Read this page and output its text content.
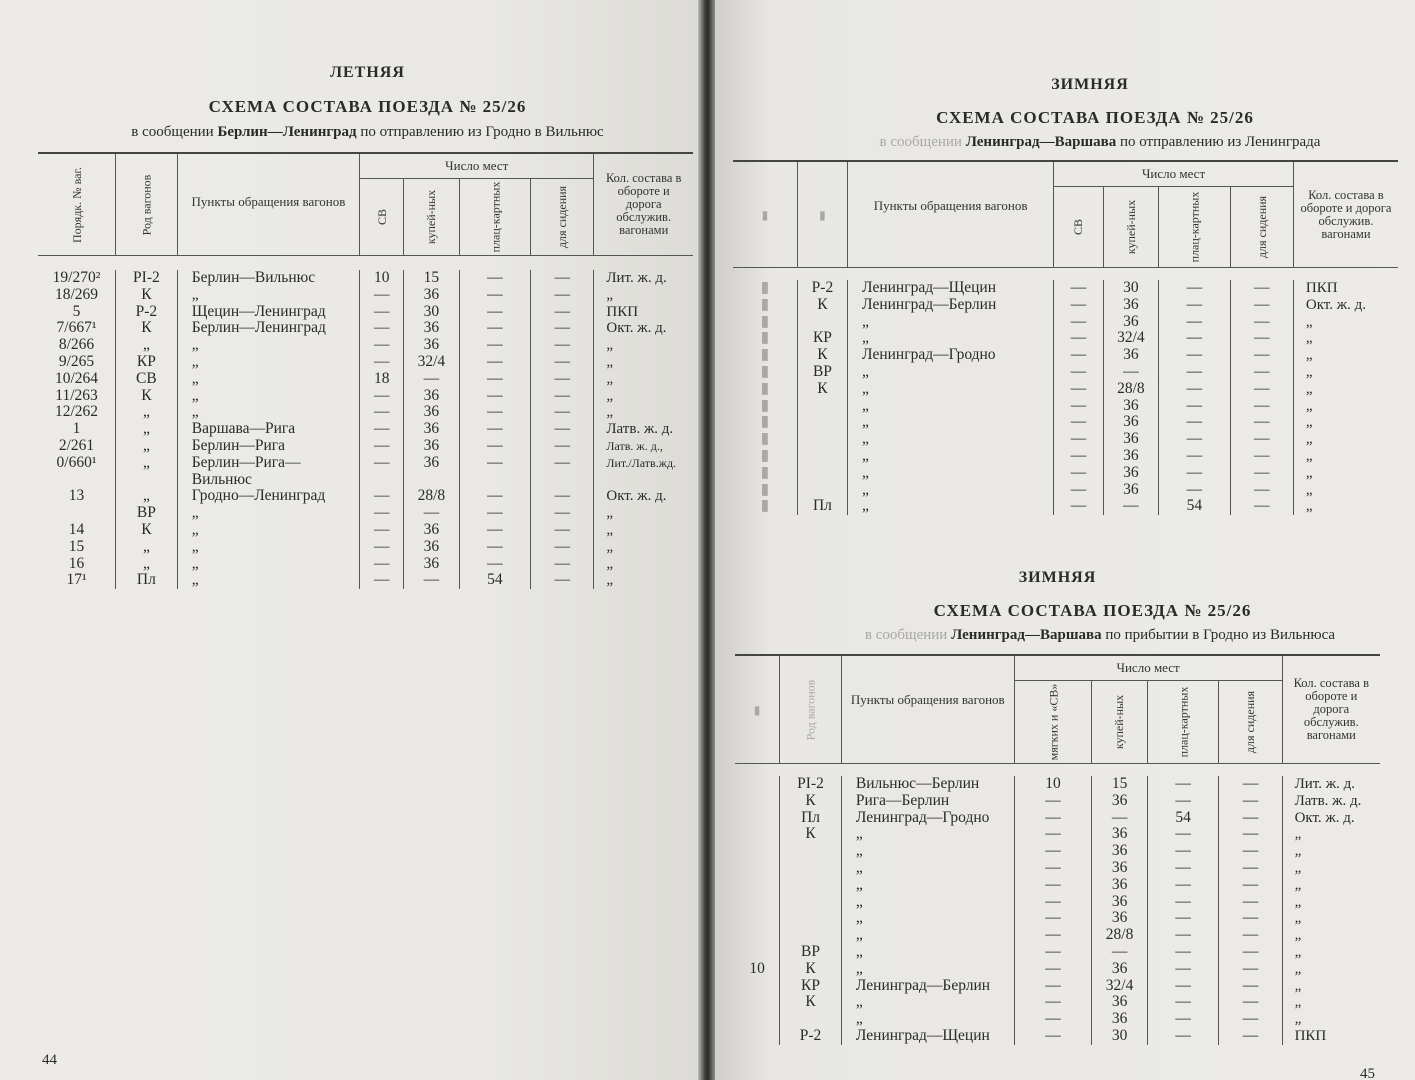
ЛЕТНЯЯ
СХЕМА СОСТАВА ПОЕЗДА № 25/26
в сообщении Берлин—Ленинград по отправлению из Гродно в Вильнюс
Порядк. № ваг.	Род вагонов	Пункты обращения вагонов	Число мест				Кол. состава в обороте и дорога обслужив. вагонами
			СВ	купей-ных	плац-картных	для сидения	

19/270²	РI-2	Берлин—Вильнюс	10	15	—	—	Лит. ж. д.
18/269	К	„	—	36	—	—	„
5	Р-2	Щецин—Ленинград	—	30	—	—	ПКП
7/667¹	К	Берлин—Ленинград	—	36	—	—	Окт. ж. д.
8/266	„	„	—	36	—	—	„
9/265	КР	„	—	32/4	—	—	„
10/264	СВ	„	18	—	—	—	„
11/263	К	„	—	36	—	—	„
12/262	„	„	—	36	—	—	„
1	„	Варшава—Рига	—	36	—	—	Латв. ж. д.
2/261	„	Берлин—Рига	—	36	—	—	Латв. ж. д.,
0/660¹	„	Берлин—Рига—	—	36	—	—	Лит./Латв.жд.
		Вильнюс					
13	„	Гродно—Ленинград	—	28/8	—	—	Окт. ж. д.
	ВР	„	—	—	—	—	„
14	К	„	—	36	—	—	„
15	„	„	—	36	—	—	„
16	„	„	—	36	—	—	„
17¹	Пл	„	—	—	54	—	„
44
ЗИМНЯЯ
СХЕМА СОСТАВА ПОЕЗДА № 25/26
в сообщении Ленинград—Варшава по отправлению из Ленинграда
▮	▮	Пункты обращения вагонов	Число мест				Кол. состава в обороте и дорога обслужив. вагонами
			СВ	купей-ных	плац-картных	для сидения	

▮	Р-2	Ленинград—Щецин	—	30	—	—	ПКП
▮	К	Ленинград—Берлин	—	36	—	—	Окт. ж. д.
▮		„	—	36	—	—	„
▮	КР	„	—	32/4	—	—	„
▮	К	Ленинград—Гродно	—	36	—	—	„
▮	ВР	„	—	—	—	—	„
▮	К	„	—	28/8	—	—	„
▮		„	—	36	—	—	„
▮		„	—	36	—	—	„
▮		„	—	36	—	—	„
▮		„	—	36	—	—	„
▮		„	—	36	—	—	„
▮		„	—	36	—	—	„
▮	Пл	„	—	—	54	—	„
ЗИМНЯЯ
СХЕМА СОСТАВА ПОЕЗДА № 25/26
в сообщении Ленинград—Варшава по прибытии в Гродно из Вильнюса
▮	Род вагонов	Пункты обращения вагонов	Число мест				Кол. состава в обороте и дорога обслужив. вагонами
			мягких и «СВ»	купей-ных	плац-картных	для сидения	

	РI-2	Вильнюс—Берлин	10	15	—	—	Лит. ж. д.
	К	Рига—Берлин	—	36	—	—	Латв. ж. д.
	Пл	Ленинград—Гродно	—	—	54	—	Окт. ж. д.
	К	„	—	36	—	—	„
		„	—	36	—	—	„
		„	—	36	—	—	„
		„	—	36	—	—	„
		„	—	36	—	—	„
		„	—	36	—	—	„
		„	—	28/8	—	—	„
	ВР	„	—	—	—	—	„
10	К	„	—	36	—	—	„
	КР	Ленинград—Берлин	—	32/4	—	—	„
	К	„	—	36	—	—	„
		„	—	36	—	—	„
	Р-2	Ленинград—Щецин	—	30	—	—	ПКП
45
